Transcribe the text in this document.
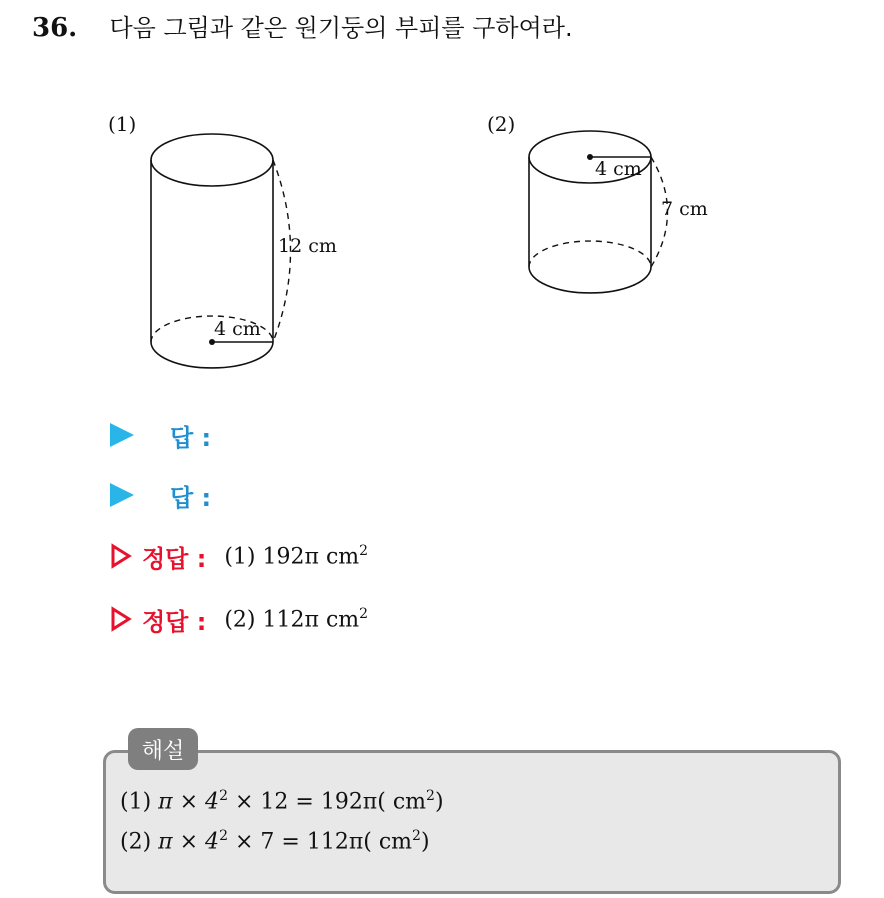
36. 다음 그림과 같은 원기둥의 부피를 구하여라.
(1)
12 cm
4 cm
(2)
4 cm
7 cm
답 :
답 :
정답 : (1) 192π $cm^2$
정답 : (2) 112π $cm^2$
해설
(1) $\pi \times 4^2 \times 12 = 192\pi$( $cm^2$)
(2) $\pi \times 4^2 \times 7 = 112\pi$( $cm^2$)
